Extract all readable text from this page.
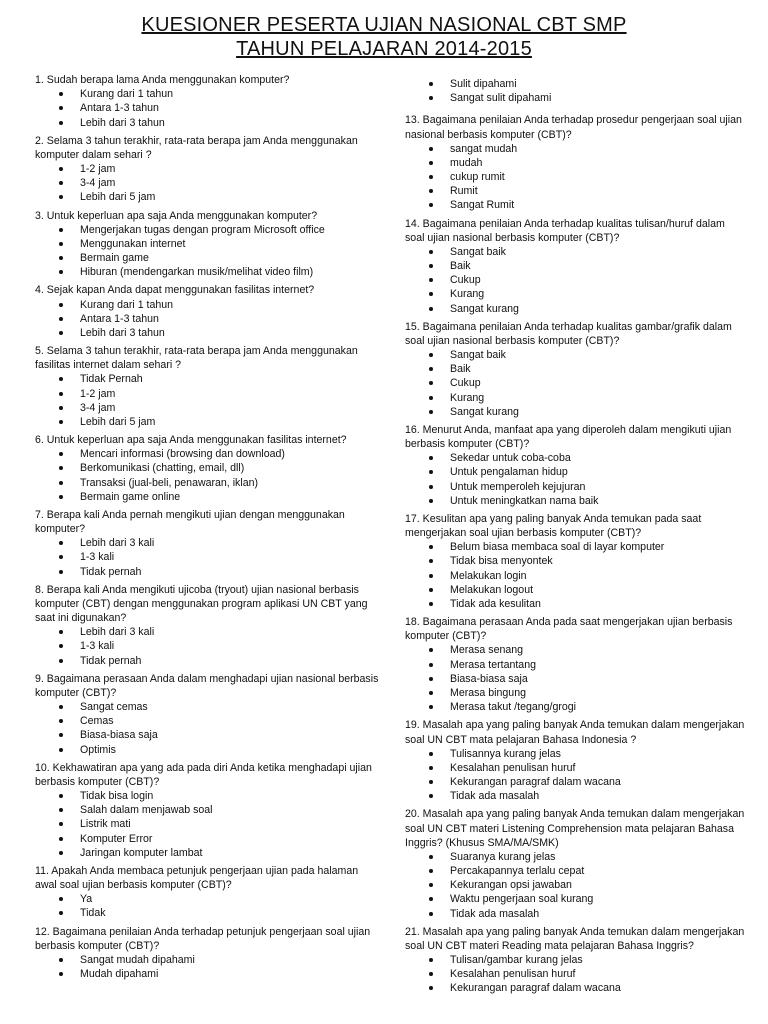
KUESIONER PESERTA UJIAN NASIONAL CBT SMP
TAHUN PELAJARAN 2014-2015

1. Sudah berapa lama Anda menggunakan komputer?

Kurang dari 1 tahun
Antara 1-3 tahun
Lebih dari 3 tahun

2. Selama 3 tahun terakhir, rata-rata berapa jam Anda menggunakan komputer dalam sehari ?

1-2 jam
3-4 jam
Lebih dari 5 jam

3. Untuk keperluan apa saja Anda menggunakan komputer?

Mengerjakan tugas dengan program Microsoft office
Menggunakan internet
Bermain game
Hiburan (mendengarkan musik/melihat video film)

4. Sejak kapan Anda dapat menggunakan fasilitas internet?

Kurang dari 1 tahun
Antara 1-3 tahun
Lebih dari 3 tahun

5. Selama 3 tahun terakhir, rata-rata berapa jam Anda menggunakan fasilitas internet dalam sehari ?

Tidak Pernah
1-2 jam
3-4 jam
Lebih dari 5 jam

6. Untuk keperluan apa saja Anda menggunakan fasilitas internet?

Mencari informasi (browsing dan download)
Berkomunikasi (chatting, email, dll)
Transaksi (jual-beli, penawaran, iklan)
Bermain game online

7. Berapa kali Anda pernah mengikuti ujian dengan menggunakan komputer?

Lebih dari 3 kali
1-3 kali
Tidak pernah

8. Berapa kali Anda mengikuti ujicoba (tryout) ujian nasional berbasis komputer (CBT) dengan menggunakan program aplikasi UN CBT yang saat ini digunakan?

Lebih dari 3 kali
1-3 kali
Tidak pernah

9. Bagaimana perasaan Anda dalam menghadapi ujian nasional berbasis komputer (CBT)?

Sangat cemas
Cemas
Biasa-biasa saja
Optimis

10. Kekhawatiran apa yang ada pada diri Anda ketika menghadapi ujian berbasis komputer (CBT)?

Tidak bisa login
Salah dalam menjawab soal
Listrik mati
Komputer Error
Jaringan komputer lambat

11. Apakah Anda membaca petunjuk pengerjaan ujian pada halaman awal soal ujian berbasis komputer (CBT)?

Ya
Tidak

12. Bagaimana penilaian Anda terhadap petunjuk pengerjaan soal ujian berbasis komputer (CBT)?

Sangat mudah dipahami
Mudah dipahami
Sulit dipahami
Sangat sulit dipahami

13. Bagaimana penilaian Anda terhadap prosedur pengerjaan soal ujian nasional berbasis komputer (CBT)?

sangat mudah
mudah
cukup rumit
Rumit
Sangat Rumit

14. Bagaimana penilaian Anda terhadap kualitas tulisan/huruf dalam soal ujian nasional berbasis komputer (CBT)?

Sangat baik
Baik
Cukup
Kurang
Sangat kurang

15. Bagaimana penilaian Anda terhadap kualitas gambar/grafik dalam soal ujian nasional berbasis komputer (CBT)?

Sangat baik
Baik
Cukup
Kurang
Sangat kurang

16. Menurut Anda, manfaat apa yang diperoleh dalam mengikuti ujian berbasis komputer (CBT)?

Sekedar untuk coba-coba
Untuk pengalaman hidup
Untuk memperoleh kejujuran
Untuk meningkatkan nama baik

17. Kesulitan apa yang paling banyak Anda temukan pada saat mengerjakan soal ujian berbasis komputer (CBT)?

Belum biasa membaca soal di layar komputer
Tidak bisa menyontek
Melakukan login
Melakukan logout
Tidak ada kesulitan

18. Bagaimana perasaan Anda pada saat mengerjakan ujian berbasis komputer (CBT)?

Merasa senang
Merasa tertantang
Biasa-biasa saja
Merasa bingung
Merasa takut /tegang/grogi

19. Masalah apa yang paling banyak Anda temukan dalam mengerjakan soal UN CBT mata pelajaran Bahasa Indonesia ?

Tulisannya kurang jelas
Kesalahan penulisan huruf
Kekurangan paragraf dalam wacana
Tidak ada masalah

20. Masalah apa yang paling banyak Anda temukan dalam mengerjakan soal UN CBT materi Listening Comprehension mata pelajaran Bahasa Inggris? (Khusus SMA/MA/SMK)

Suaranya kurang jelas
Percakapannya terlalu cepat
Kekurangan opsi jawaban
Waktu pengerjaan soal kurang
Tidak ada masalah

21. Masalah apa yang paling banyak Anda temukan dalam mengerjakan soal UN CBT materi Reading mata pelajaran Bahasa Inggris?

Tulisan/gambar kurang jelas
Kesalahan penulisan huruf
Kekurangan paragraf dalam wacana
